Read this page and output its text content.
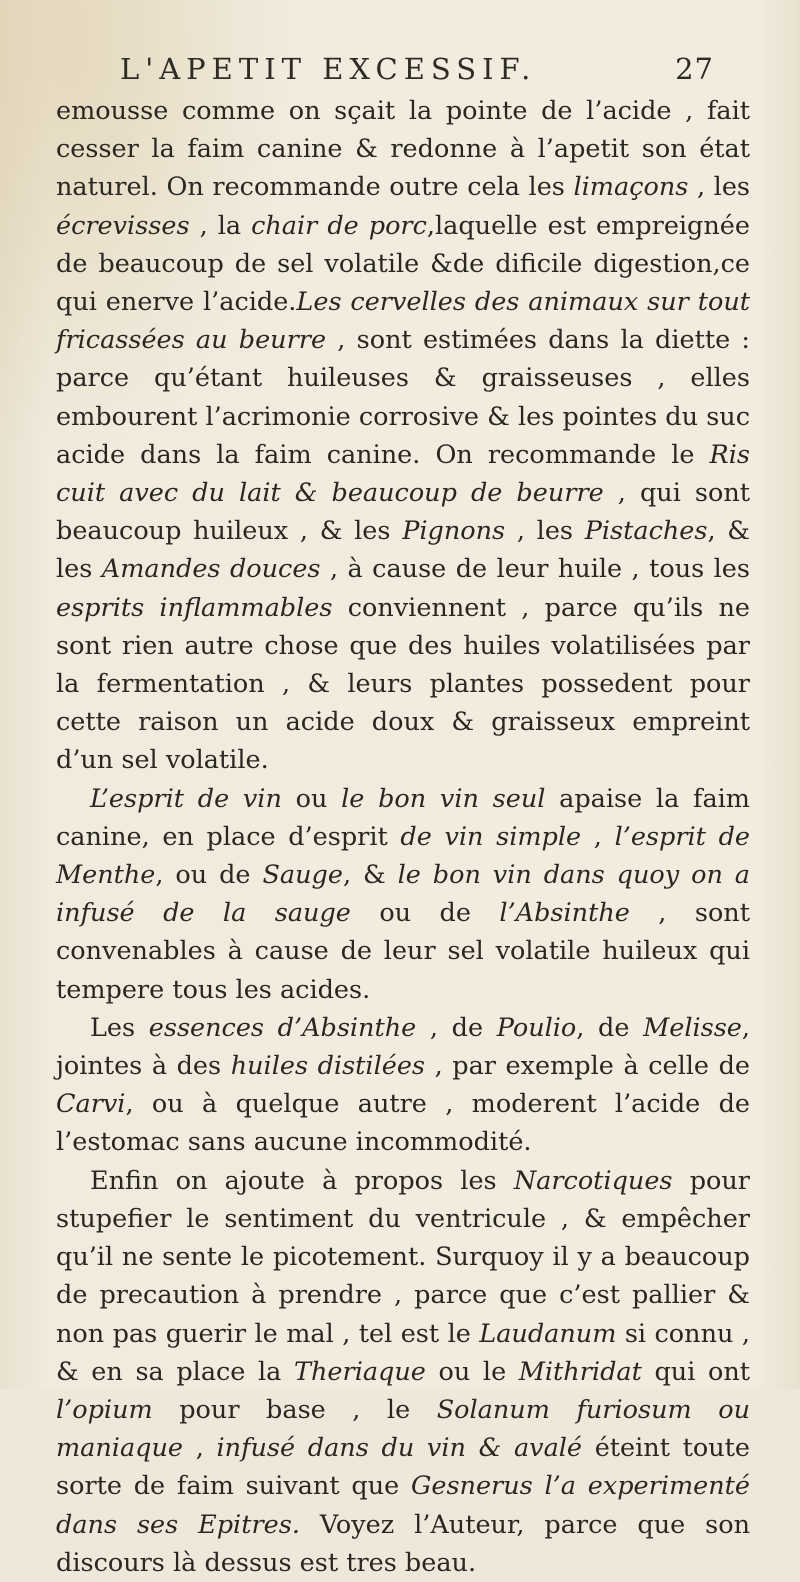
L'APETIT EXCESSIF.	27

emousse comme on sçait la pointe de l’acide , fait cesser la faim canine & redonne à l’apetit son état naturel. On recommande outre cela les limaçons , les écrevisses , la chair de porc,laquelle est empreignée de beaucoup de sel volatile &de dificile digestion,ce qui enerve l’acide.Les cervelles des animaux sur tout fricassées au beurre , sont estimées dans la diette : parce qu’étant huileuses & graisseuses , elles embourent l’acrimonie corrosive & les pointes du suc acide dans la faim canine. On recommande le Ris cuit avec du lait & beaucoup de beurre , qui sont beaucoup huileux , & les Pignons , les Pistaches, & les Amandes douces , à cause de leur huile , tous les esprits inflammables conviennent , parce qu’ils ne sont rien autre chose que des huiles volatilisées par la fermentation , & leurs plantes possedent pour cette raison un acide doux & graisseux empreint d’un sel volatile.

L’esprit de vin ou le bon vin seul apaise la faim canine, en place d’esprit de vin simple , l’esprit de Menthe, ou de Sauge, & le bon vin dans quoy on a infusé de la sauge ou de l’Absinthe , sont convenables à cause de leur sel volatile huileux qui tempere tous les acides.

Les essences d’Absinthe , de Poulio, de Melisse, jointes à des huiles distilées , par exemple à celle de Carvi, ou à quelque autre , moderent l’acide de l’estomac sans aucune incommodité.

Enfin on ajoute à propos les Narcotiques pour stupefier le sentiment du ventricule , & empêcher qu’il ne sente le picotement. Surquoy il y a beaucoup de precaution à prendre , parce que c’est pallier & non pas guerir le mal , tel est le Laudanum si connu , & en sa place la Theriaque ou le Mithridat qui ont l’opium pour base , le Solanum furiosum ou maniaque , infusé dans du vin & avalé éteint toute sorte de faim suivant que Gesnerus l’a experimenté dans ses Epitres. Voyez l’Auteur, parce que son discours là dessus est tres beau.
